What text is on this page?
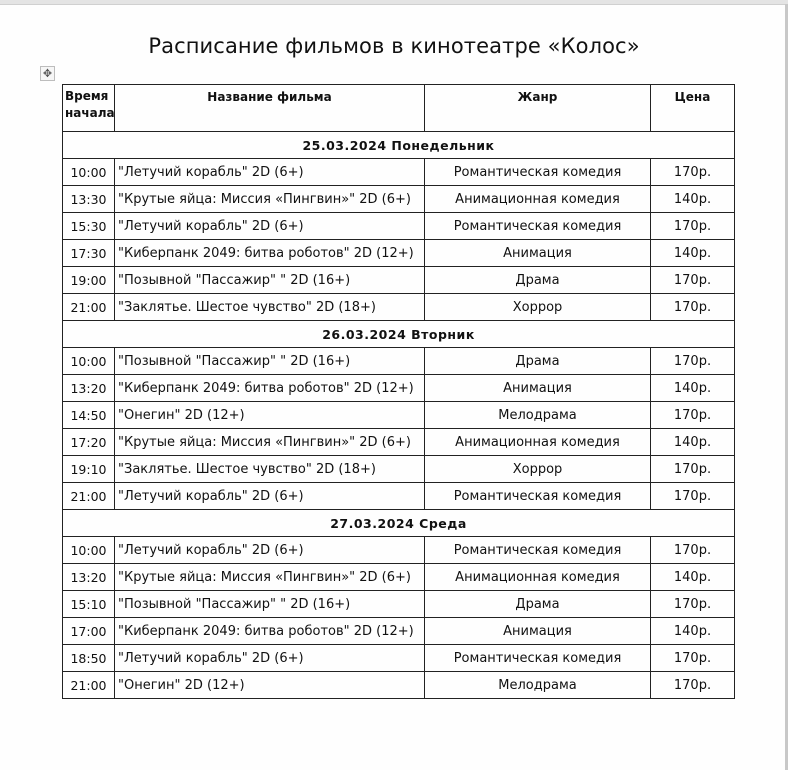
Расписание фильмов в кинотеатре «Колос»
✥
Время
начала	Название фильма	Жанр	Цена
25.03.2024 Понедельник			
10:00	"Летучий корабль" 2D (6+)	Романтическая комедия	170р.
13:30	"Крутые яйца: Миссия «Пингвин»" 2D (6+)	Анимационная комедия	140р.
15:30	"Летучий корабль" 2D (6+)	Романтическая комедия	170р.
17:30	"Киберпанк 2049: битва роботов" 2D (12+)	Анимация	140р.
19:00	"Позывной "Пассажир" " 2D (16+)	Драма	170р.
21:00	"Заклятье. Шестое чувство" 2D (18+)	Хоррор	170р.
26.03.2024 Вторник			
10:00	"Позывной "Пассажир" " 2D (16+)	Драма	170р.
13:20	"Киберпанк 2049: битва роботов" 2D (12+)	Анимация	140р.
14:50	"Онегин" 2D (12+)	Мелодрама	170р.
17:20	"Крутые яйца: Миссия «Пингвин»" 2D (6+)	Анимационная комедия	140р.
19:10	"Заклятье. Шестое чувство" 2D (18+)	Хоррор	170р.
21:00	"Летучий корабль" 2D (6+)	Романтическая комедия	170р.
27.03.2024 Среда			
10:00	"Летучий корабль" 2D (6+)	Романтическая комедия	170р.
13:20	"Крутые яйца: Миссия «Пингвин»" 2D (6+)	Анимационная комедия	140р.
15:10	"Позывной "Пассажир" " 2D (16+)	Драма	170р.
17:00	"Киберпанк 2049: битва роботов" 2D (12+)	Анимация	140р.
18:50	"Летучий корабль" 2D (6+)	Романтическая комедия	170р.
21:00	"Онегин" 2D (12+)	Мелодрама	170р.
